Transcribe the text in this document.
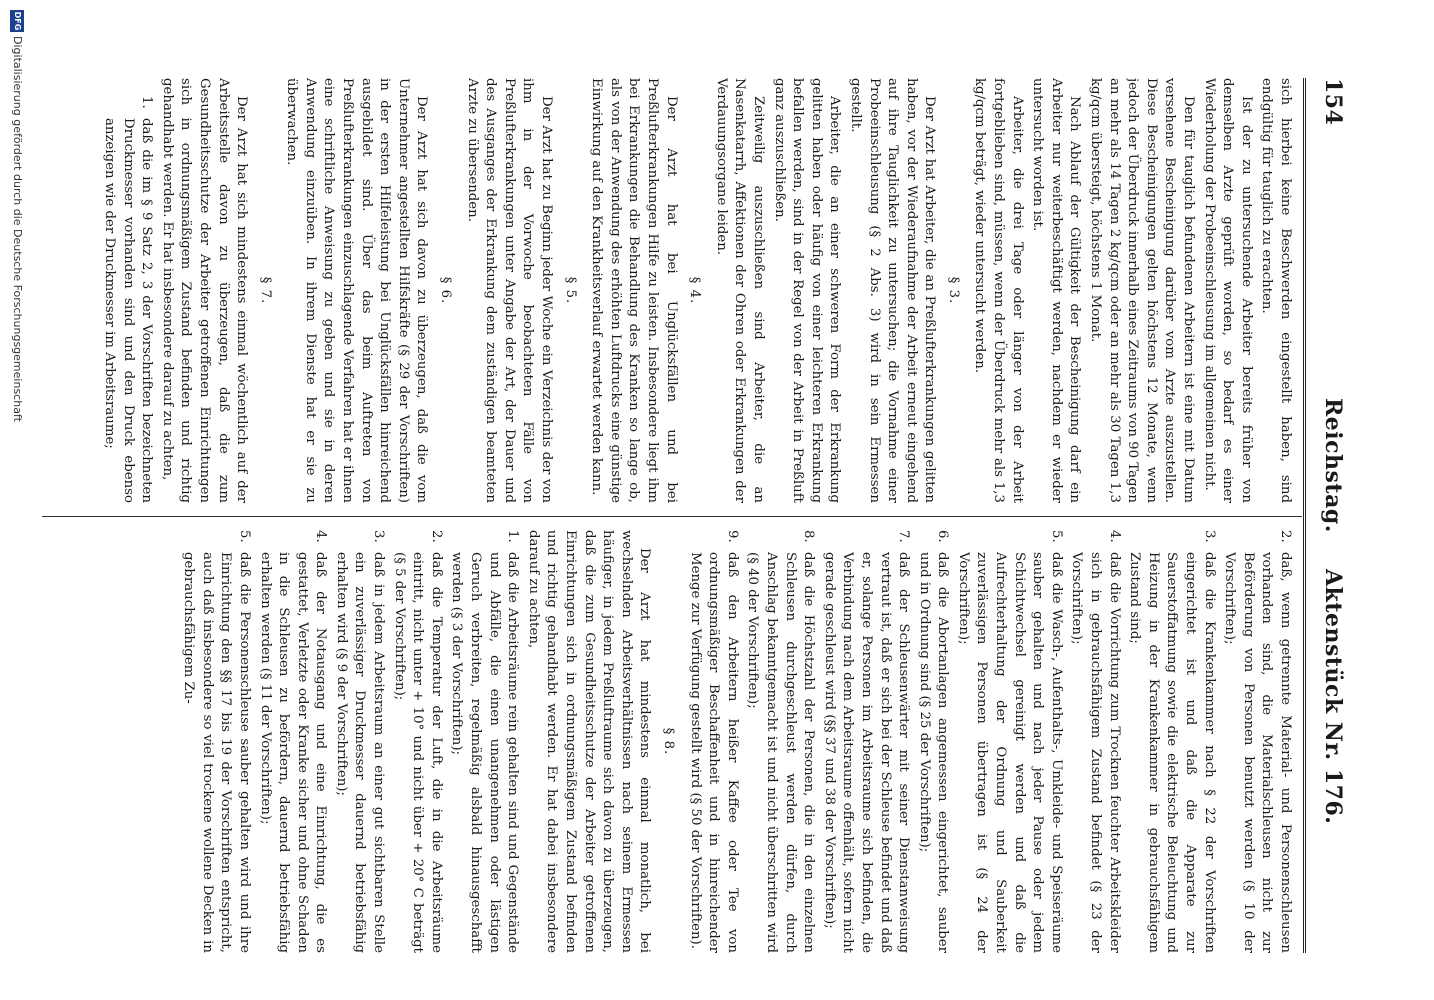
154
Reichstag. Aktenstück Nr. 176.

sich hierbei keine Beschwerden eingestellt haben, sind endgültig für tauglich zu erachten.

Ist der zu untersuchende Arbeiter bereits früher von demselben Arzte geprüft worden, so bedarf es einer Wiederholung der Probeeinschleusung im allgemeinen nicht.

Den für tauglich befundenen Arbeitern ist eine mit Datum versehene Bescheinigung darüber vom Arzte auszustellen. Diese Bescheinigungen gelten höchstens 12 Monate, wenn jedoch der Überdruck innerhalb eines Zeitraums von 90 Tagen an mehr als 14 Tagen 2 kg/qcm oder an mehr als 30 Tagen 1,3 kg/qcm übersteigt, höchstens 1 Monat.

Nach Ablauf der Gültigkeit der Bescheinigung darf ein Arbeiter nur weiterbeschäftigt werden, nachdem er wieder untersucht worden ist.

Arbeiter, die drei Tage oder länger von der Arbeit fortgeblieben sind, müssen, wenn der Überdruck mehr als 1,3 kg/qcm beträgt, wieder untersucht werden.

§ 3.

Der Arzt hat Arbeiter, die an Preßlufterkrankungen gelitten haben, vor der Wiederaufnahme der Arbeit erneut eingehend auf ihre Tauglichkeit zu untersuchen; die Vornahme einer Probeeinschleusung (§ 2 Abs. 3) wird in sein Ermessen gestellt.

Arbeiter, die an einer schweren Form der Erkrankung gelitten haben oder häufig von einer leichteren Erkrankung befallen werden, sind in der Regel von der Arbeit in Preßluft ganz auszuschließen.

Zeitweilig auszuschließen sind Arbeiter, die an Nasenkatarrh, Affektionen der Ohren oder Erkrankungen der Verdauungsorgane leiden.

§ 4.

Der Arzt hat bei Unglücksfällen und bei Preßlufterkrankungen Hilfe zu leisten. Insbesondere liegt ihm bei Erkrankungen die Behandlung des Kranken so lange ob, als von der Anwendung des erhöhten Luftdrucks eine günstige Einwirkung auf den Krankheitsverlauf erwartet werden kann.

§ 5.

Der Arzt hat zu Beginn jeder Woche ein Verzeichnis der von ihm in der Vorwoche beobachteten Fälle von Preßlufterkrankungen unter Angabe der Art, der Dauer und des Ausganges der Erkrankung dem zuständigen beamteten Arzte zu übersenden.

§ 6.

Der Arzt hat sich davon zu überzeugen, daß die vom Unternehmer angestellten Hilfskräfte (§ 29 der Vorschriften) in der ersten Hilfeleistung bei Unglücksfällen hinreichend ausgebildet sind. Über das beim Auftreten von Preßlufterkrankungen einzuschlagende Verfahren hat er ihnen eine schriftliche Anweisung zu geben und sie in deren Anwendung einzuüben. In ihrem Dienste hat er sie zu überwachen.

§ 7.

Der Arzt hat sich mindestens einmal wöchentlich auf der Arbeitsstelle davon zu überzeugen, daß die zum Gesundheitsschutze der Arbeiter getroffenen Einrichtungen sich in ordnungsmäßigem Zustand befinden und richtig gehandhabt werden. Er hat insbesondere darauf zu achten,

1.
daß die im § 9 Satz 2, 3 der Vorschriften bezeichneten Druckmesser vorhanden sind und den Druck ebenso anzeigen wie der Druckmesser im Arbeitsraume;
2.
daß, wenn getrennte Material- und Personenschleusen vorhanden sind, die Materialschleusen nicht zur Beförderung von Personen benutzt werden (§ 10 der Vorschriften);
3.
daß die Krankenkammer nach § 22 der Vorschriften eingerichtet ist und daß die Apparate zur Sauerstoffatmung sowie die elektrische Beleuchtung und Heizung in der Krankenkammer in gebrauchsfähigem Zustand sind;
4.
daß die Vorrichtung zum Trocknen feuchter Arbeitskleider sich in gebrauchsfähigem Zustand befindet (§ 23 der Vorschriften);
5.
daß die Wasch-, Aufenthalts-, Umkleide- und Speiseräume sauber gehalten und nach jeder Pause oder jedem Schichtwechsel gereinigt werden und daß die Aufrechterhaltung der Ordnung und Sauberkeit zuverlässigen Personen übertragen ist (§ 24 der Vorschriften);
6.
daß die Abortanlagen angemessen eingerichtet, sauber und in Ordnung sind (§ 25 der Vorschriften);
7.
daß der Schleusenwärter mit seiner Dienstanweisung vertraut ist, daß er sich bei der Schleuse befindet und daß er, solange Personen im Arbeitsraume sich befinden, die Verbindung nach dem Arbeitsraume offenhält, sofern nicht gerade geschleust wird (§§ 37 und 38 der Vorschriften);
8.
daß die Höchstzahl der Personen, die in den einzelnen Schleusen durchgeschleust werden dürfen, durch Anschlag bekanntgemacht ist und nicht überschritten wird (§ 40 der Vorschriften);
9.
daß den Arbeitern heißer Kaffee oder Tee von ordnungsmäßiger Beschaffenheit und in hinreichender Menge zur Verfügung gestellt wird (§ 50 der Vorschriften).
§ 8.

Der Arzt hat mindestens einmal monatlich, bei wechselnden Arbeitsverhältnissen nach seinem Ermessen häufiger, in jedem Preßluftraume sich davon zu überzeugen, daß die zum Gesundheitsschutze der Arbeiter getroffenen Einrichtungen sich in ordnungsmäßigem Zustand befinden und richtig gehandhabt werden. Er hat dabei insbesondere darauf zu achten,

1.
daß die Arbeitsräume rein gehalten sind und Gegenstände und Abfälle, die einen unangenehmen oder lästigen Geruch verbreiten, regelmäßig alsbald hinausgeschafft werden (§ 3 der Vorschriften);
2.
daß die Temperatur der Luft, die in die Arbeitsräume eintritt, nicht unter + 10° und nicht über + 20° C beträgt (§ 5 der Vorschriften);
3.
daß in jedem Arbeitsraum an einer gut sichtbaren Stelle ein zuverlässiger Druckmesser dauernd betriebsfähig erhalten wird (§ 9 der Vorschriften);
4.
daß der Notausgang und eine Einrichtung, die es gestattet, Verletzte oder Kranke sicher und ohne Schaden in die Schleusen zu befördern, dauernd betriebsfähig erhalten werden (§ 11 der Vorschriften);
5.
daß die Personenschleuse sauber gehalten wird und ihre Einrichtung den §§ 17 bis 19 der Vorschriften entspricht, auch daß insbesondere so viel trockene wollene Decken in gebrauchsfähigem Zu-
DFG
Digitalisierung gefördert durch die Deutsche Forschungsgemeinschaft
